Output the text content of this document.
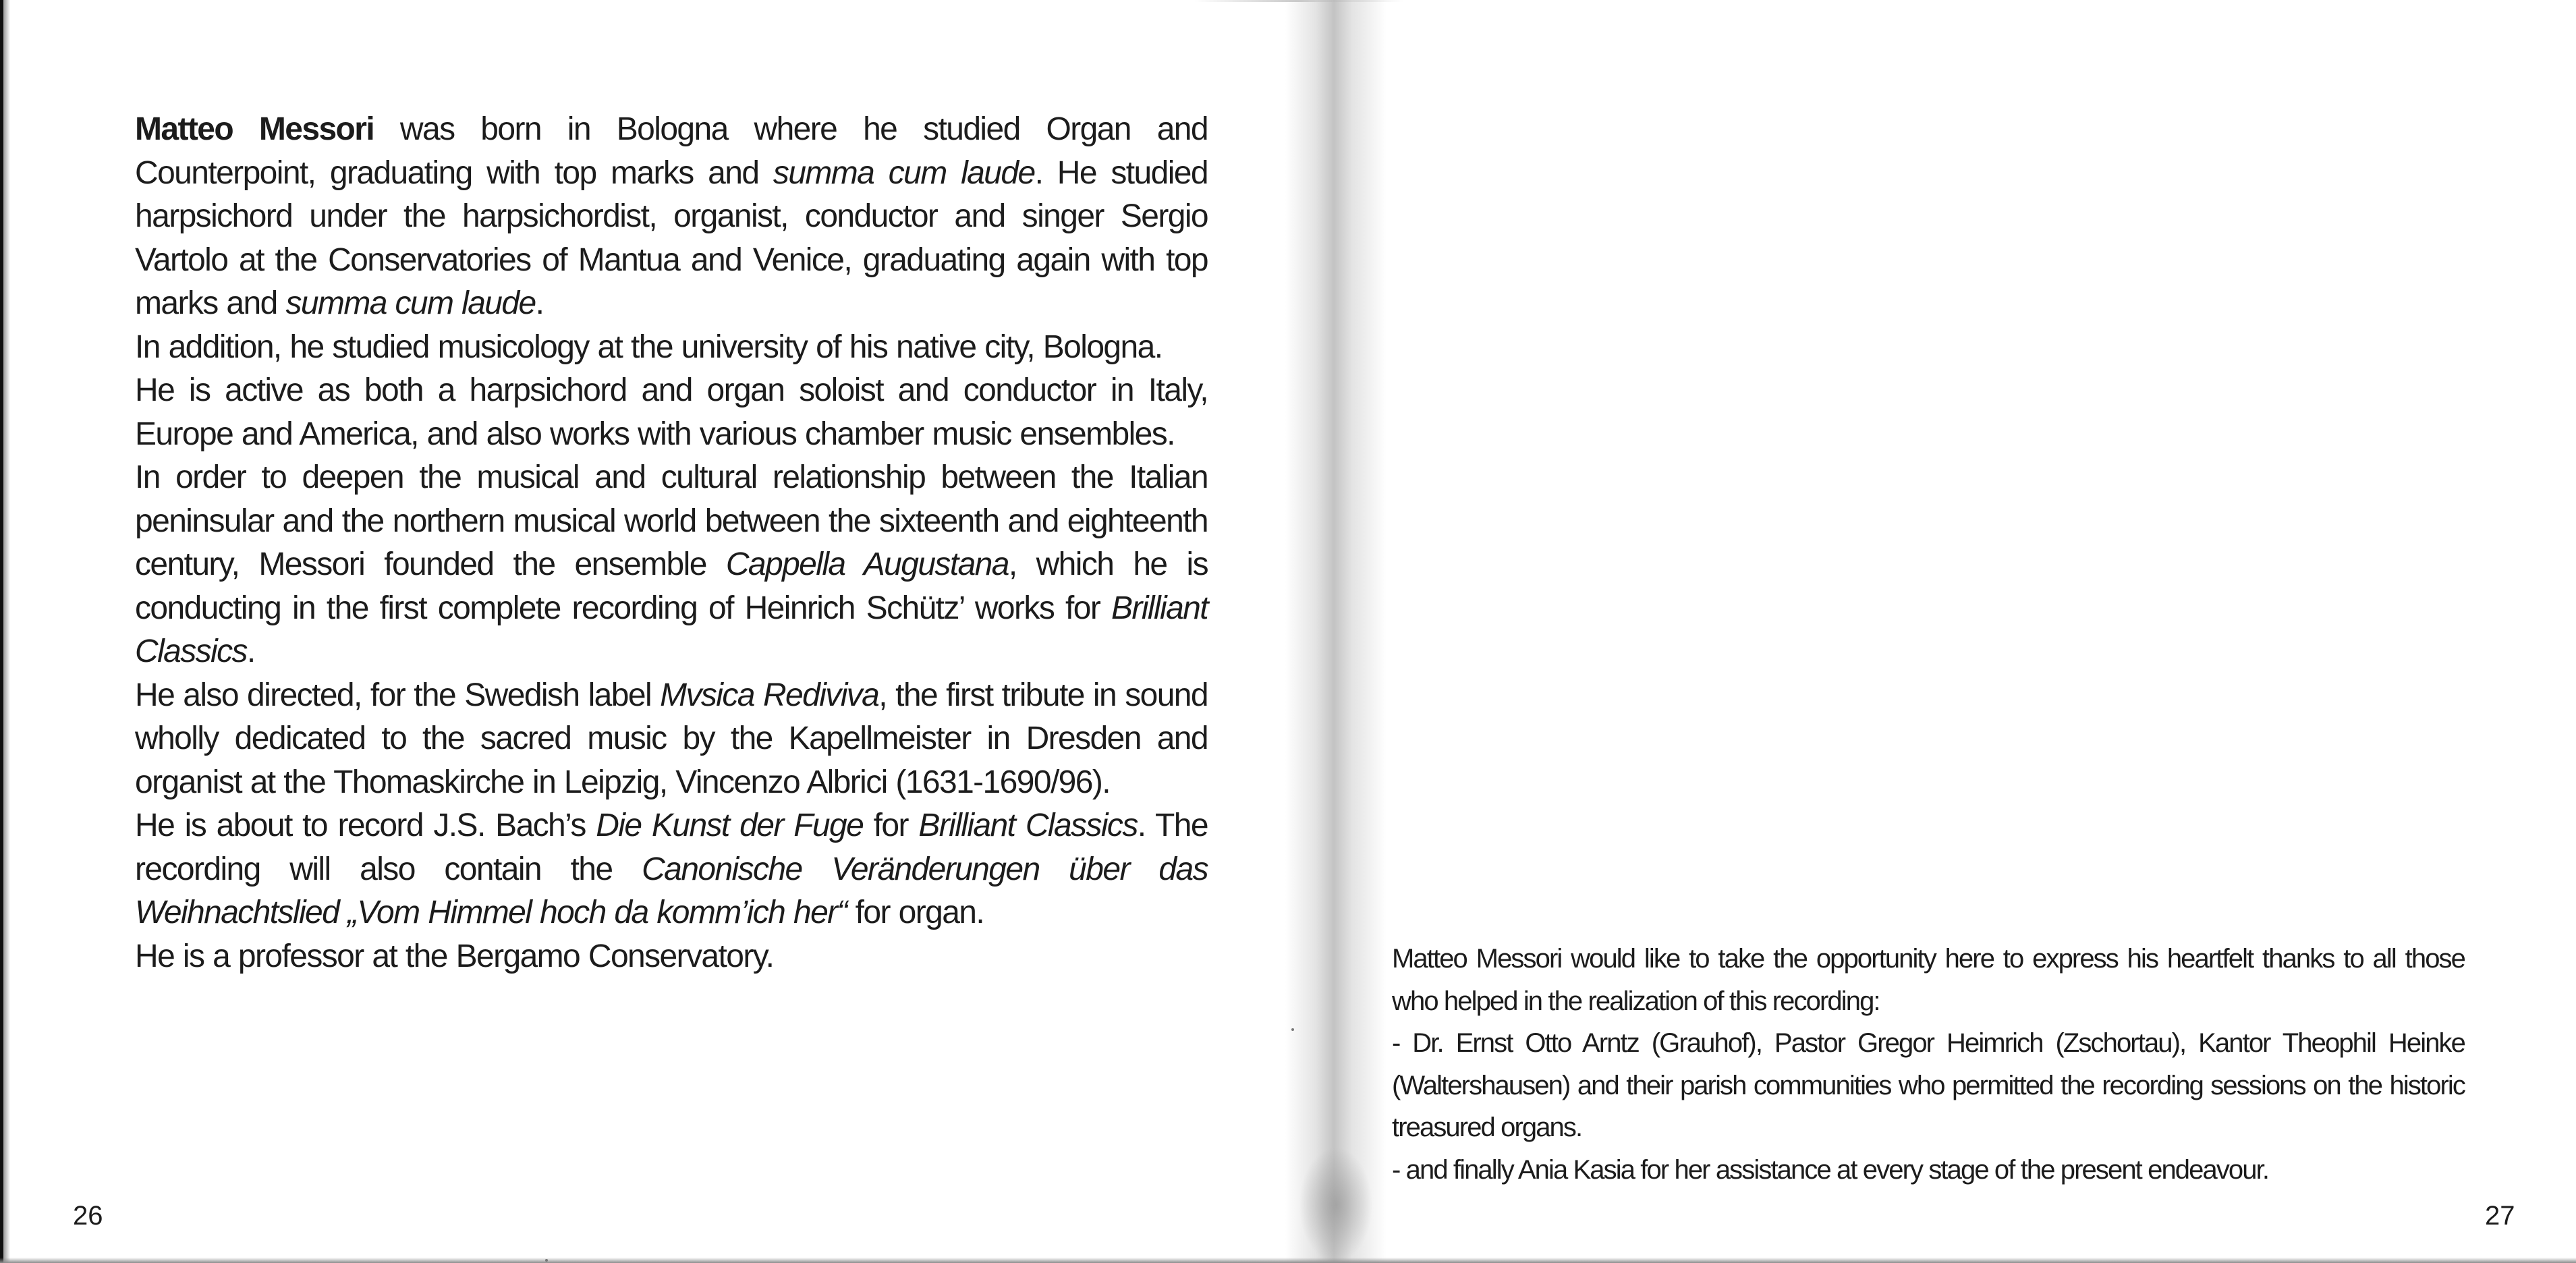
Matteo Messori was born in Bologna where he studied Organ and Counterpoint, graduating with top marks and summa cum laude. He studied harpsichord under the harpsichordist, organist, conductor and singer Sergio Vartolo at the Conservatories of Mantua and Venice, graduating again with top marks and summa cum laude.

In addition, he studied musicology at the university of his native city, Bologna.

He is active as both a harpsichord and organ soloist and conductor in Italy, Europe and America, and also works with various chamber music ensembles.

In order to deepen the musical and cultural relationship between the Italian peninsular and the northern musical world between the sixteenth and eighteenth century, Messori founded the ensemble Cappella Augustana, which he is conducting in the first complete recording of Heinrich Schütz’ works for Brilliant Classics.

He also directed, for the Swedish label Mvsica Rediviva, the first tribute in sound wholly dedicated to the sacred music by the Kapellmeister in Dresden and organist at the Thomaskirche in Leipzig, Vincenzo Albrici (1631-1690/96).

He is about to record J.S. Bach’s Die Kunst der Fuge for Brilliant Classics. The recording will also contain the Canonische Veränderungen über das Weihnachtslied „Vom Himmel hoch da komm’ich her“ for organ.

He is a professor at the Bergamo Conservatory.

26

Matteo Messori would like to take the opportunity here to express his heartfelt thanks to all those who helped in the realization of this recording:

- Dr. Ernst Otto Arntz (Grauhof), Pastor Gregor Heimrich (Zschortau), Kantor Theophil Heinke (Waltershausen) and their parish communities who permitted the recording sessions on the historic treasured organs.

- and finally Ania Kasia for her assistance at every stage of the present endeavour.

27
